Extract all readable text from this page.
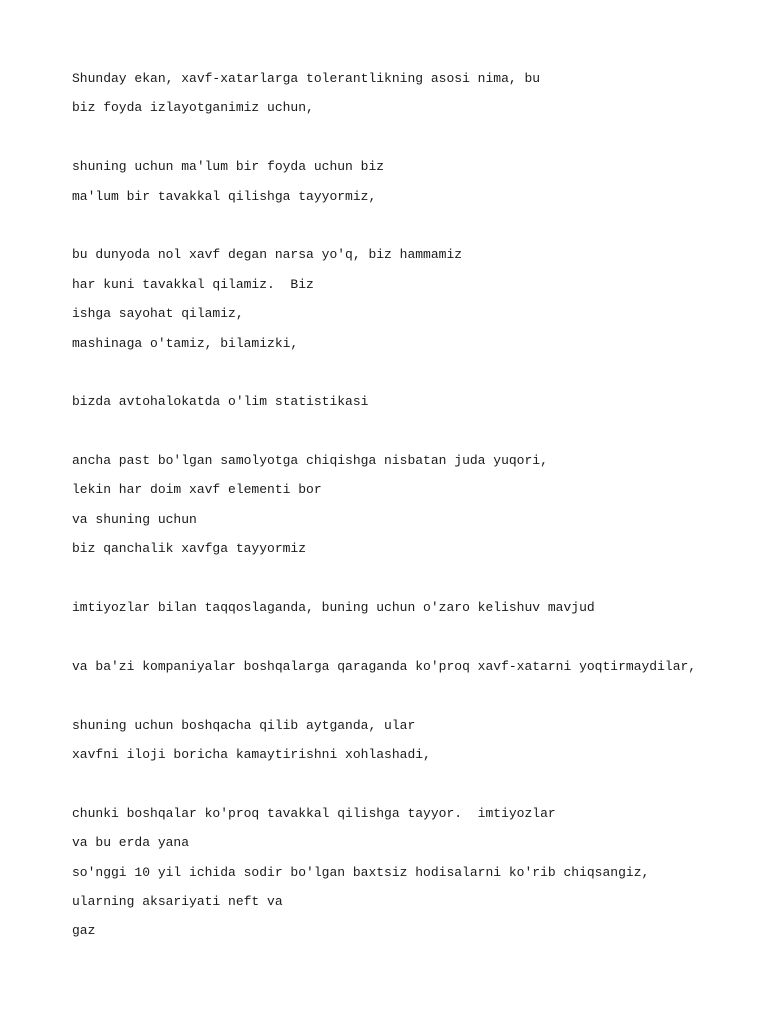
Shunday ekan, xavf-xatarlarga tolerantlikning asosi nima, bu
biz foyda izlayotganimiz uchun,
shuning uchun ma'lum bir foyda uchun biz
ma'lum bir tavakkal qilishga tayyormiz,
bu dunyoda nol xavf degan narsa yo'q, biz hammamiz
har kuni tavakkal qilamiz.  Biz
ishga sayohat qilamiz,
mashinaga o'tamiz, bilamizki,
bizda avtohalokatda o'lim statistikasi
ancha past bo'lgan samolyotga chiqishga nisbatan juda yuqori,
lekin har doim xavf elementi bor
va shuning uchun
biz qanchalik xavfga tayyormiz
imtiyozlar bilan taqqoslaganda, buning uchun o'zaro kelishuv mavjud
va ba'zi kompaniyalar boshqalarga qaraganda ko'proq xavf-xatarni yoqtirmaydilar,
shuning uchun boshqacha qilib aytganda, ular
xavfni iloji boricha kamaytirishni xohlashadi,
chunki boshqalar ko'proq tavakkal qilishga tayyor.  imtiyozlar
va bu erda yana
so'nggi 10 yil ichida sodir bo'lgan baxtsiz hodisalarni ko'rib chiqsangiz,
ularning aksariyati neft va
gaz
